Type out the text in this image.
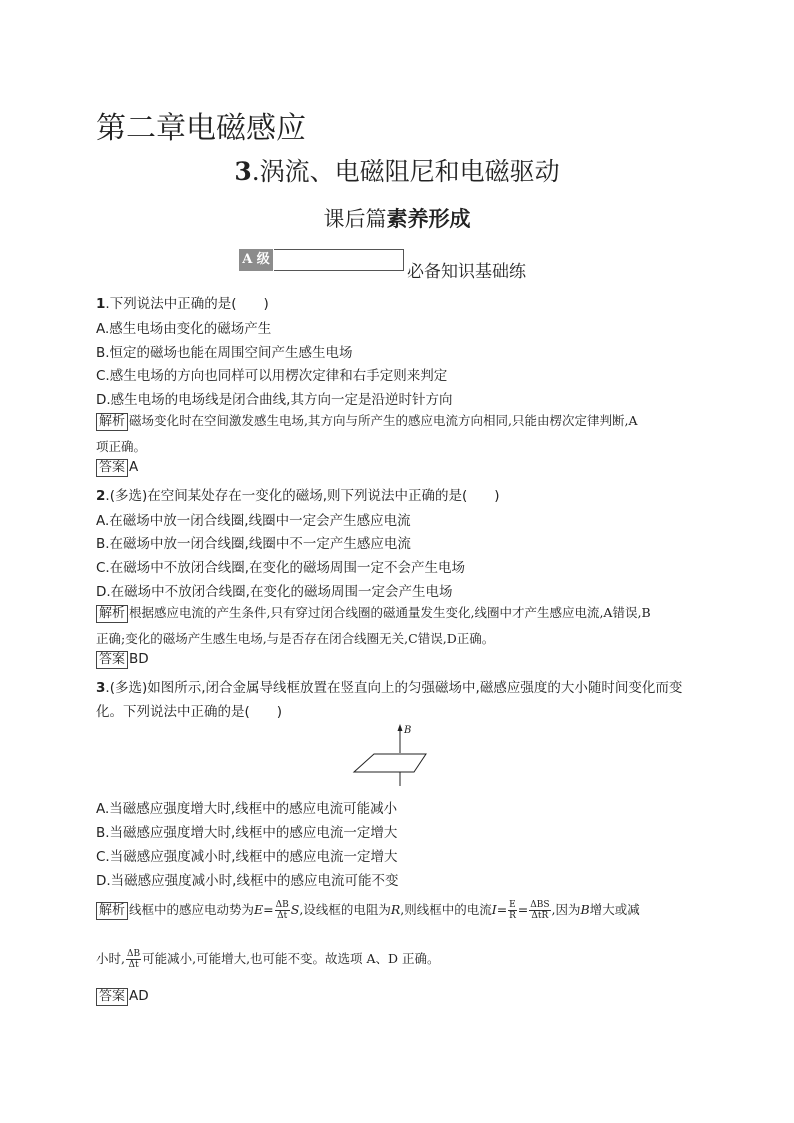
第二章电磁感应
3.涡流、电磁阻尼和电磁驱动
课后篇素养形成
A 级
必备知识基础练
1.下列说法中正确的是(　　)
A.感生电场由变化的磁场产生
B.恒定的磁场也能在周围空间产生感生电场
C.感生电场的方向也同样可以用楞次定律和右手定则来判定
D.感生电场的电场线是闭合曲线,其方向一定是沿逆时针方向
解析 磁场变化时在空间激发感生电场,其方向与所产生的感应电流方向相同,只能由楞次定律判断,A
项正确。
答案 A
2.(多选)在空间某处存在一变化的磁场,则下列说法中正确的是(　　)
A.在磁场中放一闭合线圈,线圈中一定会产生感应电流
B.在磁场中放一闭合线圈,线圈中不一定产生感应电流
C.在磁场中不放闭合线圈,在变化的磁场周围一定不会产生电场
D.在磁场中不放闭合线圈,在变化的磁场周围一定会产生电场
解析 根据感应电流的产生条件,只有穿过闭合线圈的磁通量发生变化,线圈中才产生感应电流,A错误,B
正确;变化的磁场产生感生电场,与是否存在闭合线圈无关,C错误,D正确。
答案 BD
3.(多选)如图所示,闭合金属导线框放置在竖直向上的匀强磁场中,磁感应强度的大小随时间变化而变
化。下列说法中正确的是(　　)
B
A.当磁感应强度增大时,线框中的感应电流可能减小
B.当磁感应强度增大时,线框中的感应电流一定增大
C.当磁感应强度减小时,线框中的感应电流一定增大
D.当磁感应强度减小时,线框中的感应电流可能不变
解析 线框中的感应电动势为$E= \frac{\Delta B}{\Delta t} S$,设线框的电阻为R,则线框中的电流$I= \frac{E}{R} = \frac{\text{ΔBS}}{\text{ΔtR}}$ ,因为B增大或减
小时, $\frac{\Delta B}{\Delta t}$ 可能减小,可能增大,也可能不变。故选项 A、D 正确。
答案 AD
